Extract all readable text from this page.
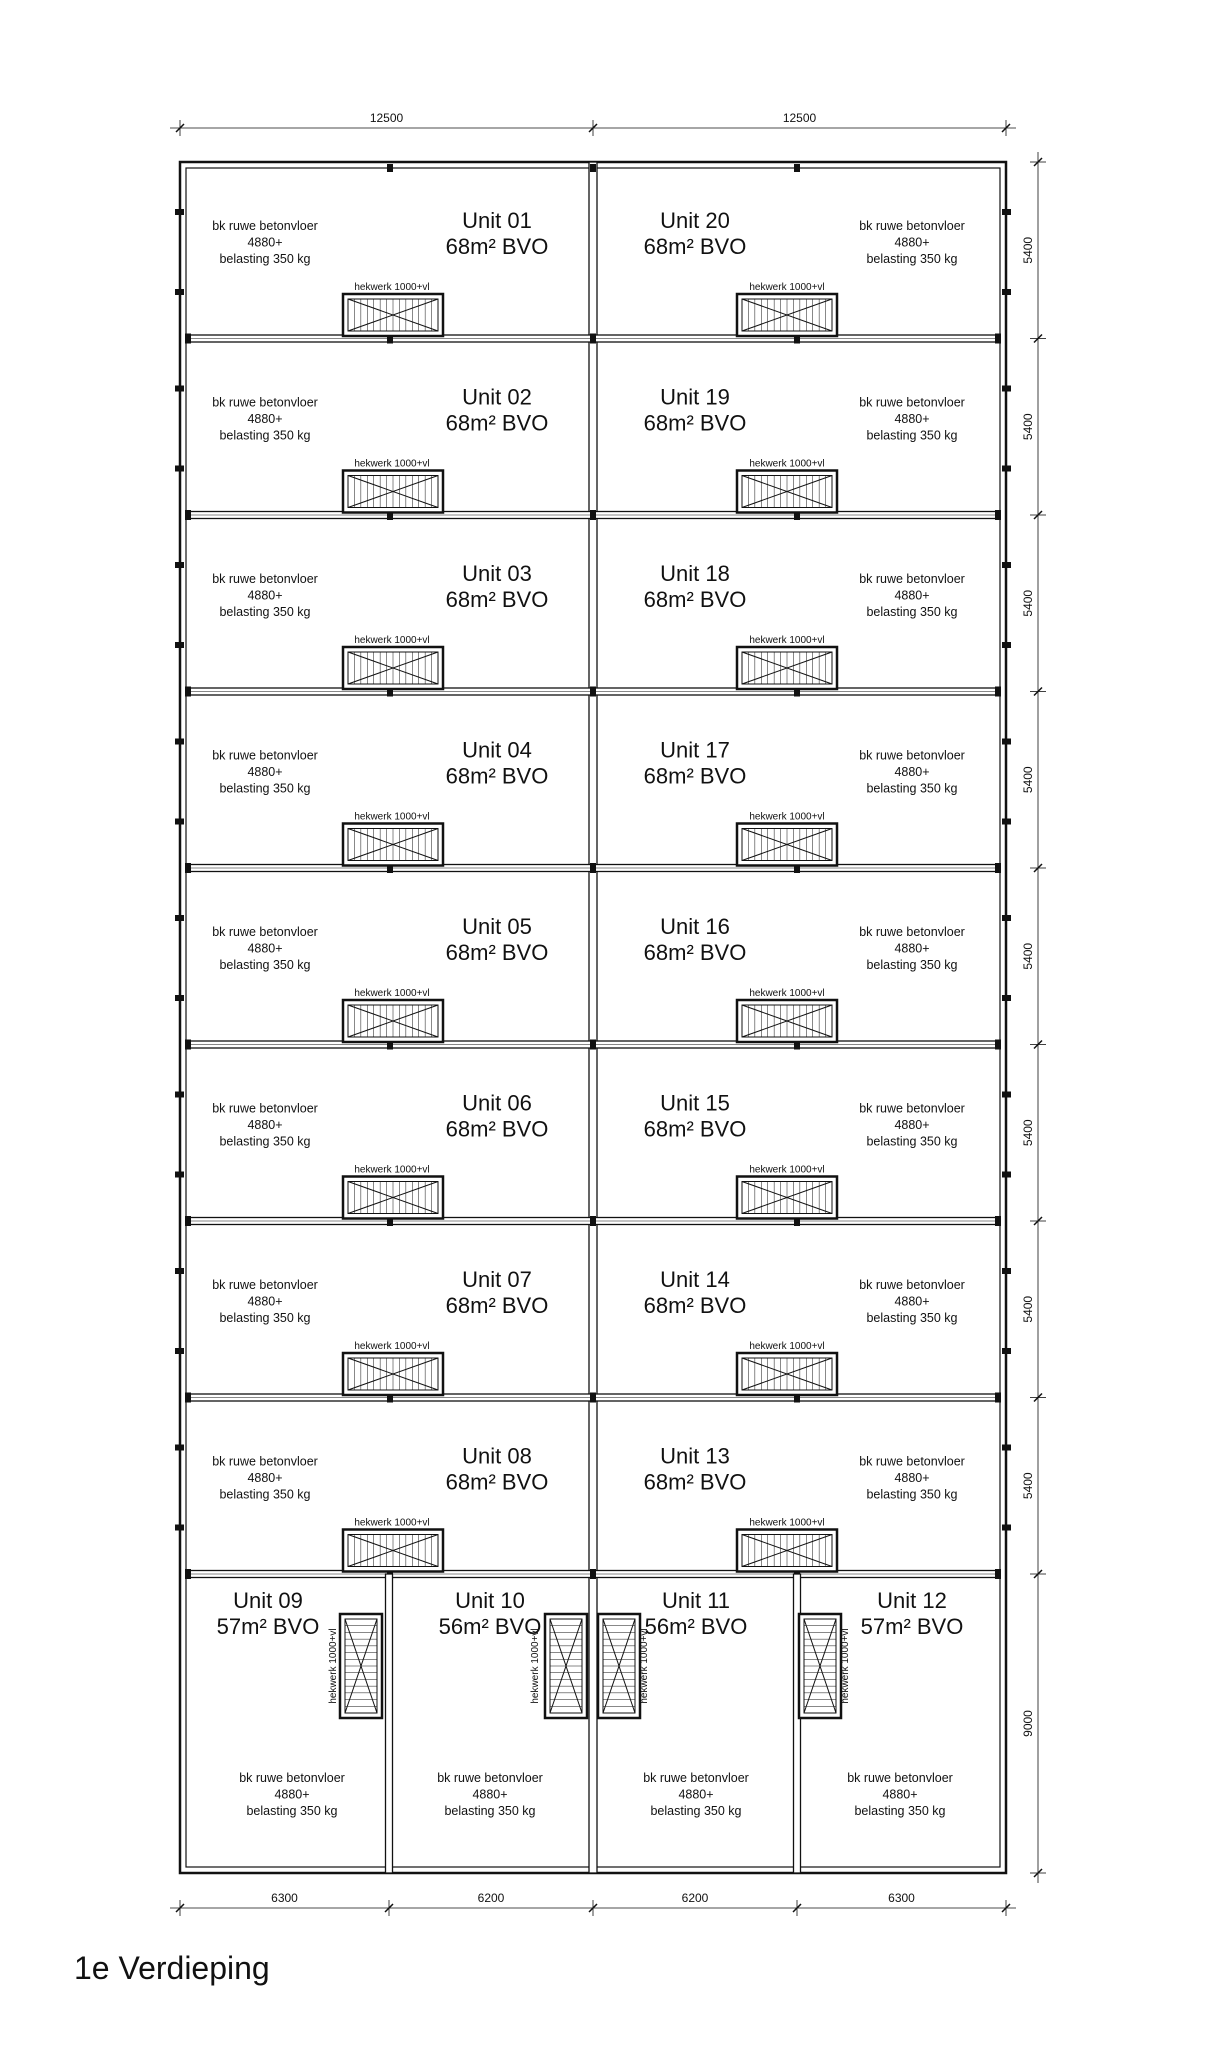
12500	12500
6300	6200	6200	6300
5400
5400
5400
5400
5400
5400
5400
5400
9000
Unit 01
68m² BVO
bk ruwe betonvloer
4880+
belasting 350 kg
hekwerk 1000+vl
Unit 20
68m² BVO
bk ruwe betonvloer
4880+
belasting 350 kg
hekwerk 1000+vl
Unit 02
68m² BVO
bk ruwe betonvloer
4880+
belasting 350 kg
hekwerk 1000+vl
Unit 19
68m² BVO
bk ruwe betonvloer
4880+
belasting 350 kg
hekwerk 1000+vl
Unit 03
68m² BVO
bk ruwe betonvloer
4880+
belasting 350 kg
hekwerk 1000+vl
Unit 18
68m² BVO
bk ruwe betonvloer
4880+
belasting 350 kg
hekwerk 1000+vl
Unit 04
68m² BVO
bk ruwe betonvloer
4880+
belasting 350 kg
hekwerk 1000+vl
Unit 17
68m² BVO
bk ruwe betonvloer
4880+
belasting 350 kg
hekwerk 1000+vl
Unit 05
68m² BVO
bk ruwe betonvloer
4880+
belasting 350 kg
hekwerk 1000+vl
Unit 16
68m² BVO
bk ruwe betonvloer
4880+
belasting 350 kg
hekwerk 1000+vl
Unit 06
68m² BVO
bk ruwe betonvloer
4880+
belasting 350 kg
hekwerk 1000+vl
Unit 15
68m² BVO
bk ruwe betonvloer
4880+
belasting 350 kg
hekwerk 1000+vl
Unit 07
68m² BVO
bk ruwe betonvloer
4880+
belasting 350 kg
hekwerk 1000+vl
Unit 14
68m² BVO
bk ruwe betonvloer
4880+
belasting 350 kg
hekwerk 1000+vl
Unit 08
68m² BVO
bk ruwe betonvloer
4880+
belasting 350 kg
hekwerk 1000+vl
Unit 13
68m² BVO
bk ruwe betonvloer
4880+
belasting 350 kg
hekwerk 1000+vl
Unit 09
57m² BVO
bk ruwe betonvloer
4880+
belasting 350 kg
hekwerk 1000+vl
Unit 10
56m² BVO
bk ruwe betonvloer
4880+
belasting 350 kg
hekwerk 1000+vl
Unit 11
56m² BVO
bk ruwe betonvloer
4880+
belasting 350 kg
hekwerk 1000+vl
Unit 12
57m² BVO
bk ruwe betonvloer
4880+
belasting 350 kg
hekwerk 1000+vl
1e Verdieping
